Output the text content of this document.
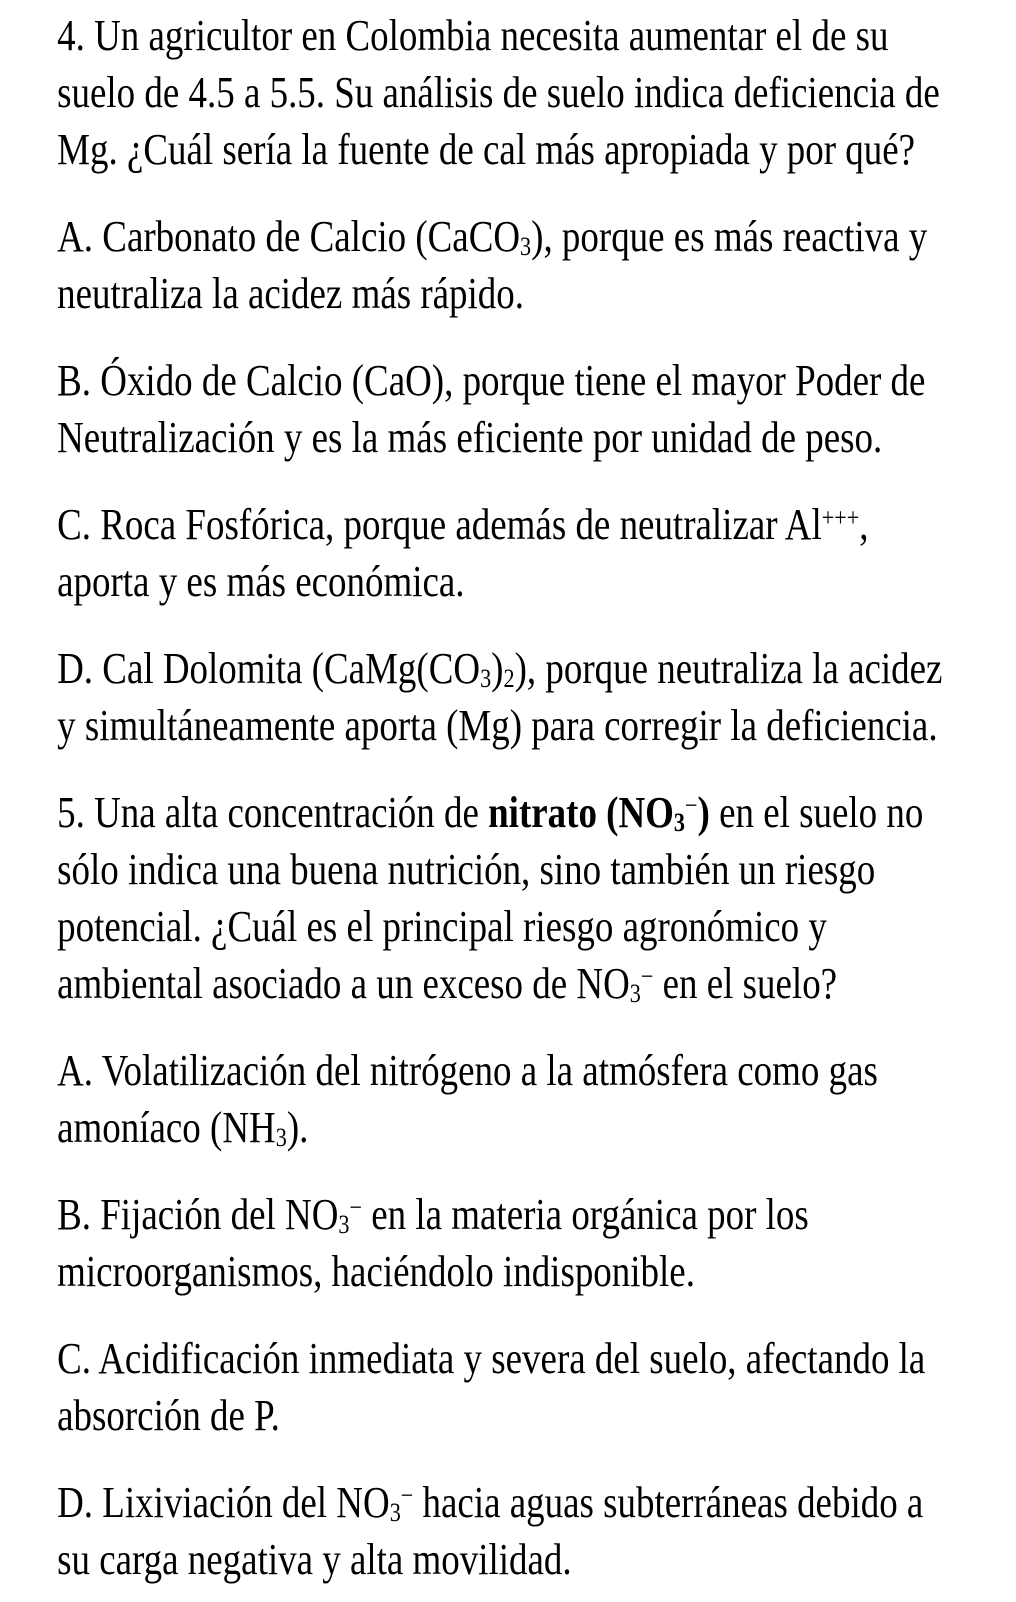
4. Un agricultor en Colombia necesita aumentar el de su
suelo de 4.5 a 5.5. Su análisis de suelo indica deficiencia de
Mg. ¿Cuál sería la fuente de cal más apropiada y por qué?
A. Carbonato de Calcio (CaCO3), porque es más reactiva y
neutraliza la acidez más rápido.
B. Óxido de Calcio (CaO), porque tiene el mayor Poder de
Neutralización y es la más eficiente por unidad de peso.
C. Roca Fosfórica, porque además de neutralizar Al+++,
aporta y es más económica.
D. Cal Dolomita (CaMg(CO3)2), porque neutraliza la acidez
y simultáneamente aporta (Mg) para corregir la deficiencia.
5. Una alta concentración de nitrato (NO3−) en el suelo no
sólo indica una buena nutrición, sino también un riesgo
potencial. ¿Cuál es el principal riesgo agronómico y
ambiental asociado a un exceso de NO3− en el suelo?
A. Volatilización del nitrógeno a la atmósfera como gas
amoníaco (NH3).
B. Fijación del NO3− en la materia orgánica por los
microorganismos, haciéndolo indisponible.
C. Acidificación inmediata y severa del suelo, afectando la
absorción de P.
D. Lixiviación del NO3− hacia aguas subterráneas debido a
su carga negativa y alta movilidad.
